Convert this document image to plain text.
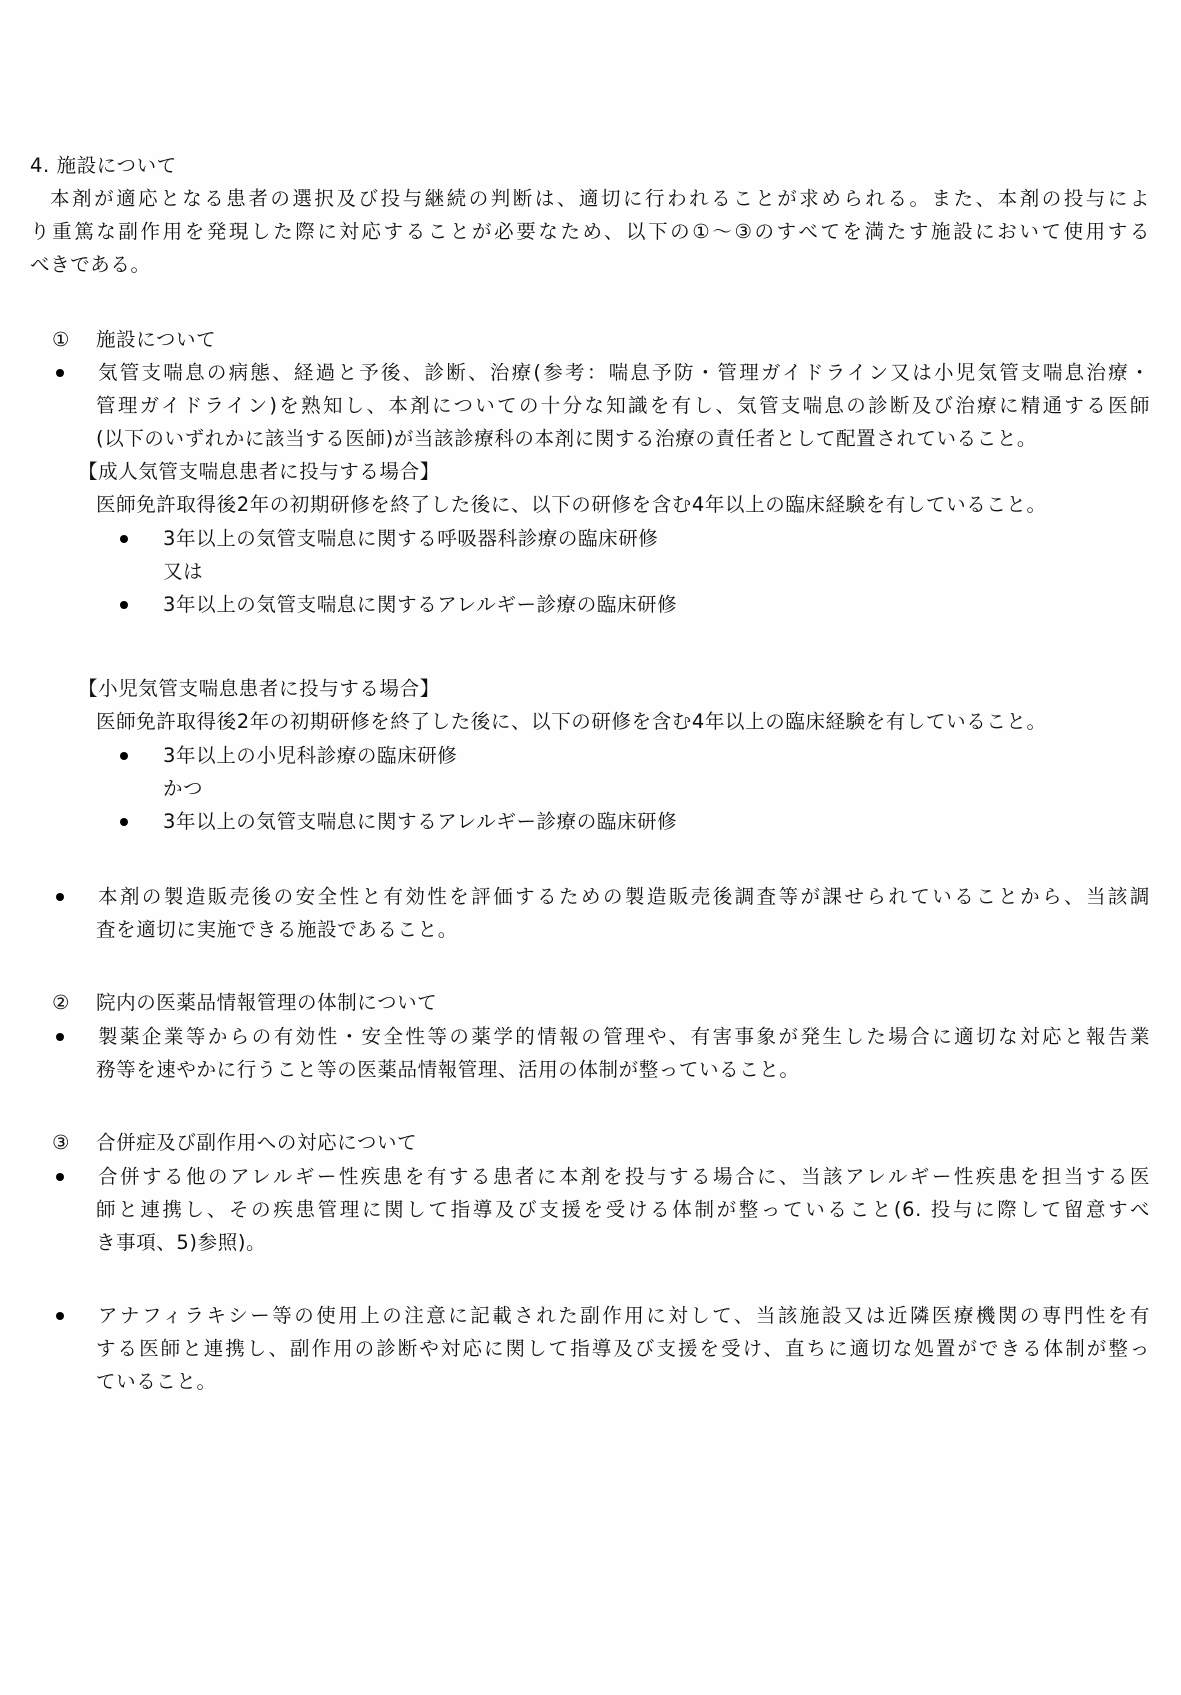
4. 施設について
本剤が適応となる患者の選択及び投与継続の判断は、適切に行われることが求められる。また、本剤の投与によ
り重篤な副作用を発現した際に対応することが必要なため、以下の①～③のすべてを満たす施設において使用する
べきである。
① 施設について
気管支喘息の病態、経過と予後、診断、治療(参考：喘息予防・管理ガイドライン又は小児気管支喘息治療・
管理ガイドライン)を熟知し、本剤についての十分な知識を有し、気管支喘息の診断及び治療に精通する医師
(以下のいずれかに該当する医師)が当該診療科の本剤に関する治療の責任者として配置されていること。
【成人気管支喘息患者に投与する場合】
医師免許取得後2年の初期研修を終了した後に、以下の研修を含む4年以上の臨床経験を有していること。
3年以上の気管支喘息に関する呼吸器科診療の臨床研修
又は
3年以上の気管支喘息に関するアレルギー診療の臨床研修
【小児気管支喘息患者に投与する場合】
医師免許取得後2年の初期研修を終了した後に、以下の研修を含む4年以上の臨床経験を有していること。
3年以上の小児科診療の臨床研修
かつ
3年以上の気管支喘息に関するアレルギー診療の臨床研修
本剤の製造販売後の安全性と有効性を評価するための製造販売後調査等が課せられていることから、当該調
査を適切に実施できる施設であること。
② 院内の医薬品情報管理の体制について
製薬企業等からの有効性・安全性等の薬学的情報の管理や、有害事象が発生した場合に適切な対応と報告業
務等を速やかに行うこと等の医薬品情報管理、活用の体制が整っていること。
③ 合併症及び副作用への対応について
合併する他のアレルギー性疾患を有する患者に本剤を投与する場合に、当該アレルギー性疾患を担当する医
師と連携し、その疾患管理に関して指導及び支援を受ける体制が整っていること(6. 投与に際して留意すべ
き事項、5)参照)。
アナフィラキシー等の使用上の注意に記載された副作用に対して、当該施設又は近隣医療機関の専門性を有
する医師と連携し、副作用の診断や対応に関して指導及び支援を受け、直ちに適切な処置ができる体制が整っ
ていること。
